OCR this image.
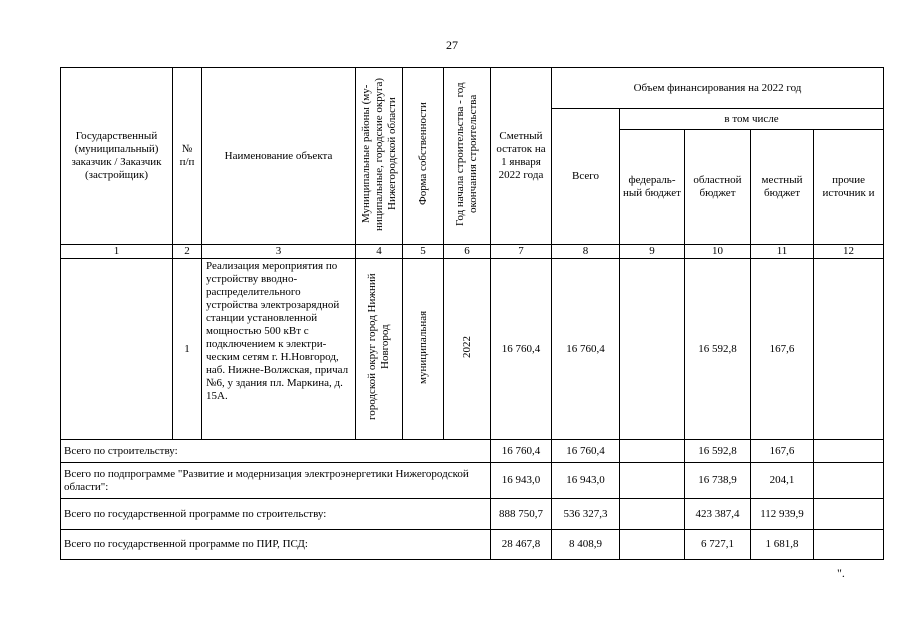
27
Государственный (муниципальный) заказчик / Заказчик (застройщик)	№ п/п	Наименование объекта	Муниципальные районы (муниципальные, городские округа) Нижегородской области	Форма собственности	Год начала строительства - год окончания строительства	Сметный остаток на 1 января 2022 года	Объем финансирования на 2022 год				
							Всего	в том числе			
								федеральный бюджет	областной бюджет	местный бюджет	прочие источник и
1	2	3	4	5	6	7	8	9	10	11	12
	1	Реализация мероприятия по устройству вводно-распределительного устройства электрозарядной станции установленной мощностью 500 кВт с подключением к электрическим сетям г. Н.Новгород, наб. Нижне-Волжская, причал №6, у здания пл. Маркина, д. 15А.	городской округ город Нижний Новгород	муниципальная	2022	16 760,4	16 760,4		16 592,8	167,6	
Всего по строительству:						16 760,4	16 760,4		16 592,8	167,6	
Всего по подпрограмме "Развитие и модернизация электроэнергетики Нижегородской области":						16 943,0	16 943,0		16 738,9	204,1	
Всего по государственной программе по строительству:						888 750,7	536 327,3		423 387,4	112 939,9	
Всего по государственной программе по ПИР, ПСД:						28 467,8	8 408,9		6 727,1	1 681,8	
".
